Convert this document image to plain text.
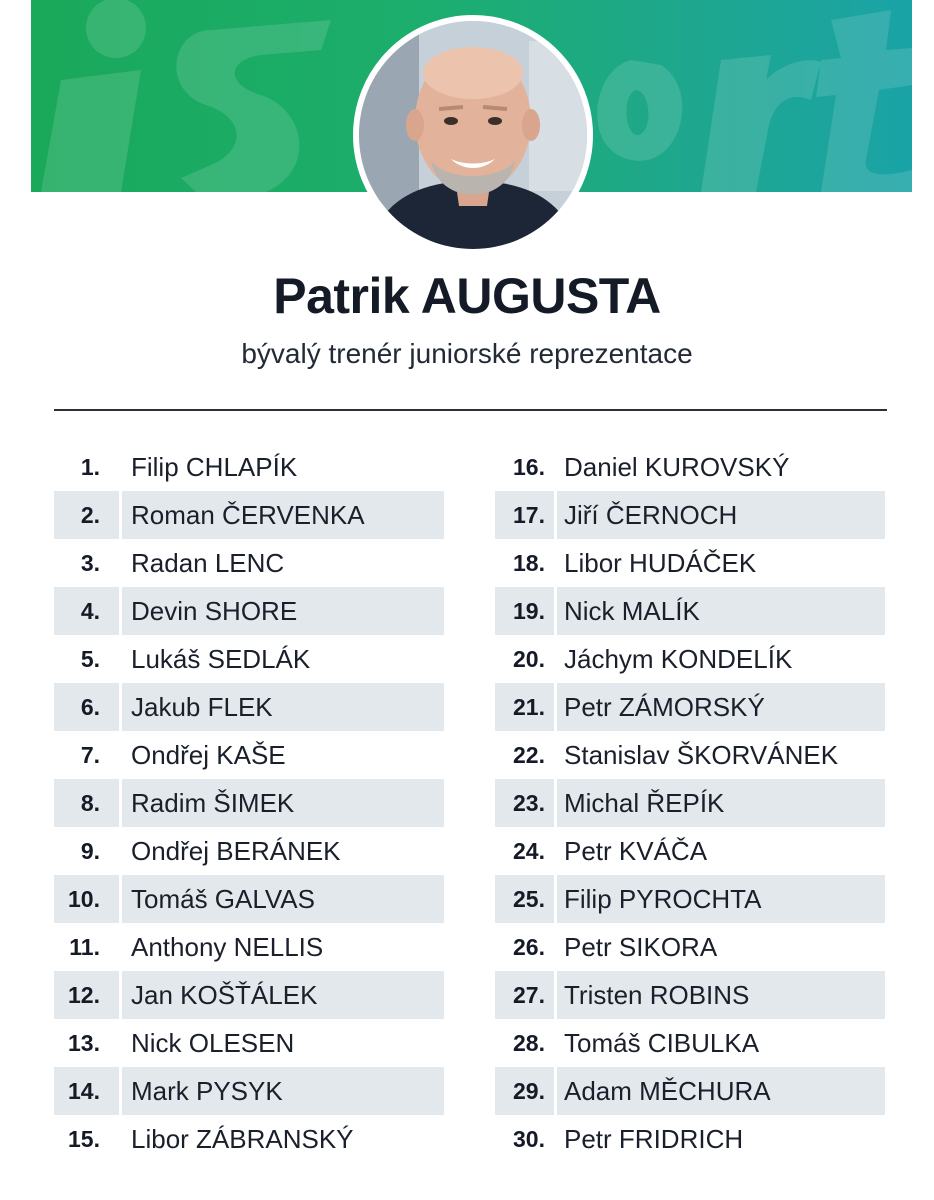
Patrik AUGUSTA
bývalý trenér juniorské reprezentace
1. Filip CHLAPÍK
2. Roman ČERVENKA
3. Radan LENC
4. Devin SHORE
5. Lukáš SEDLÁK
6. Jakub FLEK
7. Ondřej KAŠE
8. Radim ŠIMEK
9. Ondřej BERÁNEK
10. Tomáš GALVAS
11. Anthony NELLIS
12. Jan KOŠŤÁLEK
13. Nick OLESEN
14. Mark PYSYK
15. Libor ZÁBRANSKÝ
16. Daniel KUROVSKÝ
17. Jiří ČERNOCH
18. Libor HUDÁČEK
19. Nick MALÍK
20. Jáchym KONDELÍK
21. Petr ZÁMORSKÝ
22. Stanislav ŠKORVÁNEK
23. Michal ŘEPÍK
24. Petr KVÁČA
25. Filip PYROCHTA
26. Petr SIKORA
27. Tristen ROBINS
28. Tomáš CIBULKA
29. Adam MĚCHURA
30. Petr FRIDRICH
